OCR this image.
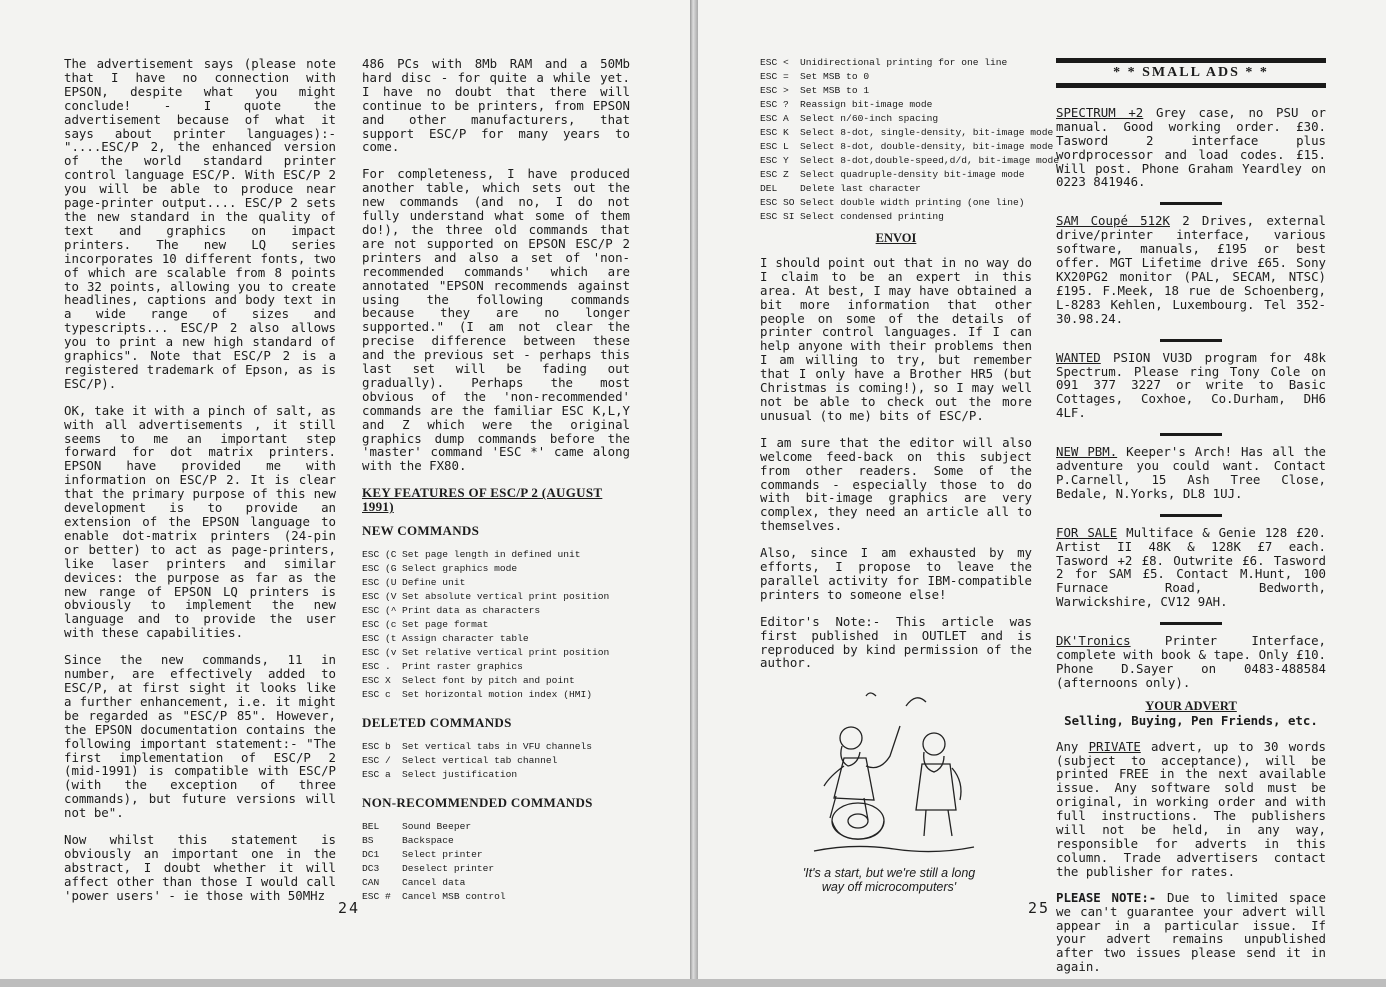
The advertisement says (please note that I have no connection with EPSON, despite what you might conclude! - I quote the advertisement because of what it says about printer languages):- "....ESC/P 2, the enhanced version of the world standard printer control language ESC/P. With ESC/P 2 you will be able to produce near page-printer output.... ESC/P 2 sets the new standard in the quality of text and graphics on impact printers. The new LQ series incorporates 10 different fonts, two of which are scalable from 8 points to 32 points, allowing you to create headlines, captions and body text in a wide range of sizes and typescripts... ESC/P 2 also allows you to print a new high standard of graphics". Note that ESC/P 2 is a registered trademark of Epson, as is ESC/P).

OK, take it with a pinch of salt, as with all advertisements , it still seems to me an important step forward for dot matrix printers. EPSON have provided me with information on ESC/P 2. It is clear that the primary purpose of this new development is to provide an extension of the EPSON language to enable dot-matrix printers (24-pin or better) to act as page-printers, like laser printers and similar devices: the purpose as far as the new range of EPSON LQ printers is obviously to implement the new language and to provide the user with these capabilities.

Since the new commands, 11 in number, are effectively added to ESC/P, at first sight it looks like a further enhancement, i.e. it might be regarded as "ESC/P 85". However, the EPSON documentation contains the following important statement:- "The first implementation of ESC/P 2 (mid-1991) is compatible with ESC/P (with the exception of three commands), but future versions will not be".

Now whilst this statement is obviously an important one in the abstract, I doubt whether it will affect other than those I would call 'power users' - ie those with 50MHz

486 PCs with 8Mb RAM and a 50Mb hard disc - for quite a while yet. I have no doubt that there will continue to be printers, from EPSON and other manufacturers, that support ESC/P for many years to come.

For completeness, I have produced another table, which sets out the new commands (and no, I do not fully understand what some of them do!), the three old commands that are not supported on EPSON ESC/P 2 printers and also a set of 'non-recommended commands' which are annotated "EPSON recommends against using the following commands because they are no longer supported." (I am not clear the precise difference between these and the previous set - perhaps this last set will be fading out gradually). Perhaps the most obvious of the 'non-recommended' commands are the familiar ESC K,L,Y and Z which were the original graphics dump commands before the 'master' command 'ESC *' came along with the FX80.

KEY FEATURES OF ESC/P 2 (AUGUST 1991)
NEW COMMANDS
ESC (C Set page length in defined unit
ESC (G Select graphics mode
ESC (U Define unit
ESC (V Set absolute vertical print position
ESC (^ Print data as characters
ESC (c Set page format
ESC (t Assign character table
ESC (v Set relative vertical print position
ESC .	Print raster graphics
ESC X	Select font by pitch and point
ESC c	Set horizontal motion index (HMI)
DELETED COMMANDS
ESC b	Set vertical tabs in VFU channels
ESC /	Select vertical tab channel
ESC a	Select justification
NON-RECOMMENDED COMMANDS
BEL	Sound Beeper
BS	Backspace
DC1	Select printer
DC3	Deselect printer
CAN	Cancel data
ESC #	Cancel MSB control
24
ESC <	Unidirectional printing for one line
ESC =	Set MSB to 0
ESC >	Set MSB to 1
ESC ?	Reassign bit-image mode
ESC A	Select n/60-inch spacing
ESC K	Select 8-dot, single-density, bit-image mode
ESC L	Select 8-dot, double-density, bit-image mode
ESC Y	Select 8-dot,double-speed,d/d, bit-image mode
ESC Z	Select quadruple-density bit-image mode
DEL	Delete last character
ESC SO Select double width printing (one line)
ESC SI Select condensed printing
ENVOI

I should point out that in no way do I claim to be an expert in this area. At best, I may have obtained a bit more information that other people on some of the details of printer control languages. If I can help anyone with their problems then I am willing to try, but remember that I only have a Brother HR5 (but Christmas is coming!), so I may well not be able to check out the more unusual (to me) bits of ESC/P.

I am sure that the editor will also welcome feed-back on this subject from other readers. Some of the commands - especially those to do with bit-image graphics are very complex, they need an article all to themselves.

Also, since I am exhausted by my efforts, I propose to leave the parallel activity for IBM-compatible printers to someone else!

Editor's Note:- This article was first published in OUTLET and is reproduced by kind permission of the author.

'It's a start, but we're still a long way off microcomputers'
* * SMALL ADS * *

SPECTRUM +2 Grey case, no PSU or manual. Good working order. £30. Tasword 2 interface plus wordprocessor and load codes. £15. Will post. Phone Graham Yeardley on 0223 841946.

SAM Coupé 512K 2 Drives, external drive/printer interface, various software, manuals, £195 or best offer. MGT Lifetime drive £65. Sony KX20PG2 monitor (PAL, SECAM, NTSC) £195. F.Meek, 18 rue de Schoenberg, L-8283 Kehlen, Luxembourg. Tel 352-30.98.24.

WANTED PSION VU3D program for 48k Spectrum. Please ring Tony Cole on 091 377 3227 or write to Basic Cottages, Coxhoe, Co.Durham, DH6 4LF.

NEW PBM. Keeper's Arch! Has all the adventure you could want. Contact P.Carnell, 15 Ash Tree Close, Bedale, N.Yorks, DL8 1UJ.

FOR SALE Multiface & Genie 128 £20. Artist II 48K & 128K £7 each. Tasword +2 £8. Outwrite £6. Tasword 2 for SAM £5. Contact M.Hunt, 100 Furnace Road, Bedworth, Warwickshire, CV12 9AH.

DK'Tronics Printer Interface, complete with book & tape. Only £10. Phone D.Sayer on 0483-488584 (afternoons only).

YOUR ADVERT
Selling, Buying, Pen Friends, etc.

Any PRIVATE advert, up to 30 words (subject to acceptance), will be printed FREE in the next available issue. Any software sold must be original, in working order and with full instructions. The publishers will not be held, in any way, responsible for adverts in this column. Trade advertisers contact the publisher for rates.

PLEASE NOTE:- Due to limited space we can't guarantee your advert will appear in a particular issue. If your advert remains unpublished after two issues please send it in again.

25
